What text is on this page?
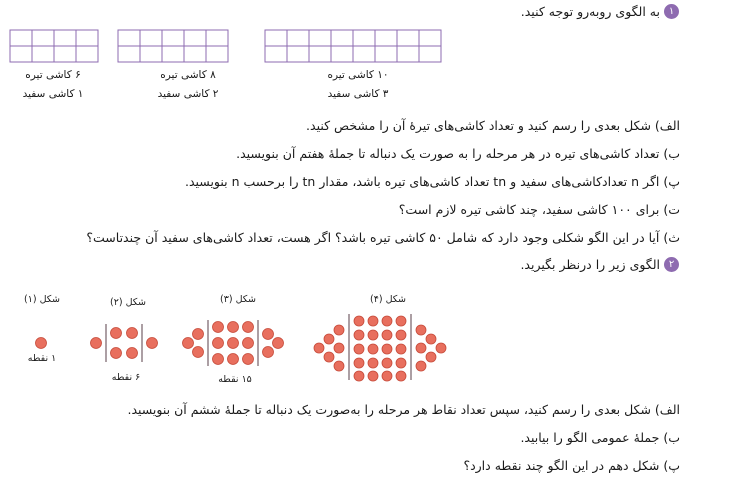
۱
به الگوی روبه‌رو توجه کنید.
۶ کاشی تیره
۱ کاشی سفید
۸ کاشی تیره
۲ کاشی سفید
۱۰ کاشی تیره
۳ کاشی سفید
الف) شکل بعدی را رسم کنید و تعداد کاشی‌های تیرهٔ آن را مشخص کنید.
ب) تعداد کاشی‌های تیره در هر مرحله را به صورت یک دنباله تا جملهٔ هفتم آن بنویسید.
پ) اگر n تعدادکاشی‌های سفید و tn تعداد کاشی‌های تیره باشد، مقدار tn را برحسب n بنویسید.
ت) برای ۱۰۰ کاشی سفید، چند کاشی تیره لازم است؟
ث) آیا در این الگو شکلی وجود دارد که شامل ۵۰ کاشی تیره باشد؟ اگر هست، تعداد کاشی‌های سفید آن چندتاست؟
۲
الگوی زیر را درنظر بگیرید.
شکل (۱)	شکل (۲)	شکل (۳)	شکل (۴)
۱ نقطه
۶ نقطه	۱۵ نقطه
الف) شکل بعدی را رسم کنید، سپس تعداد نقاط هر مرحله را به‌صورت یک دنباله تا جملهٔ ششم آن بنویسید.
ب) جملهٔ عمومی الگو را بیابید.
پ) شکل دهم در این الگو چند نقطه دارد؟
